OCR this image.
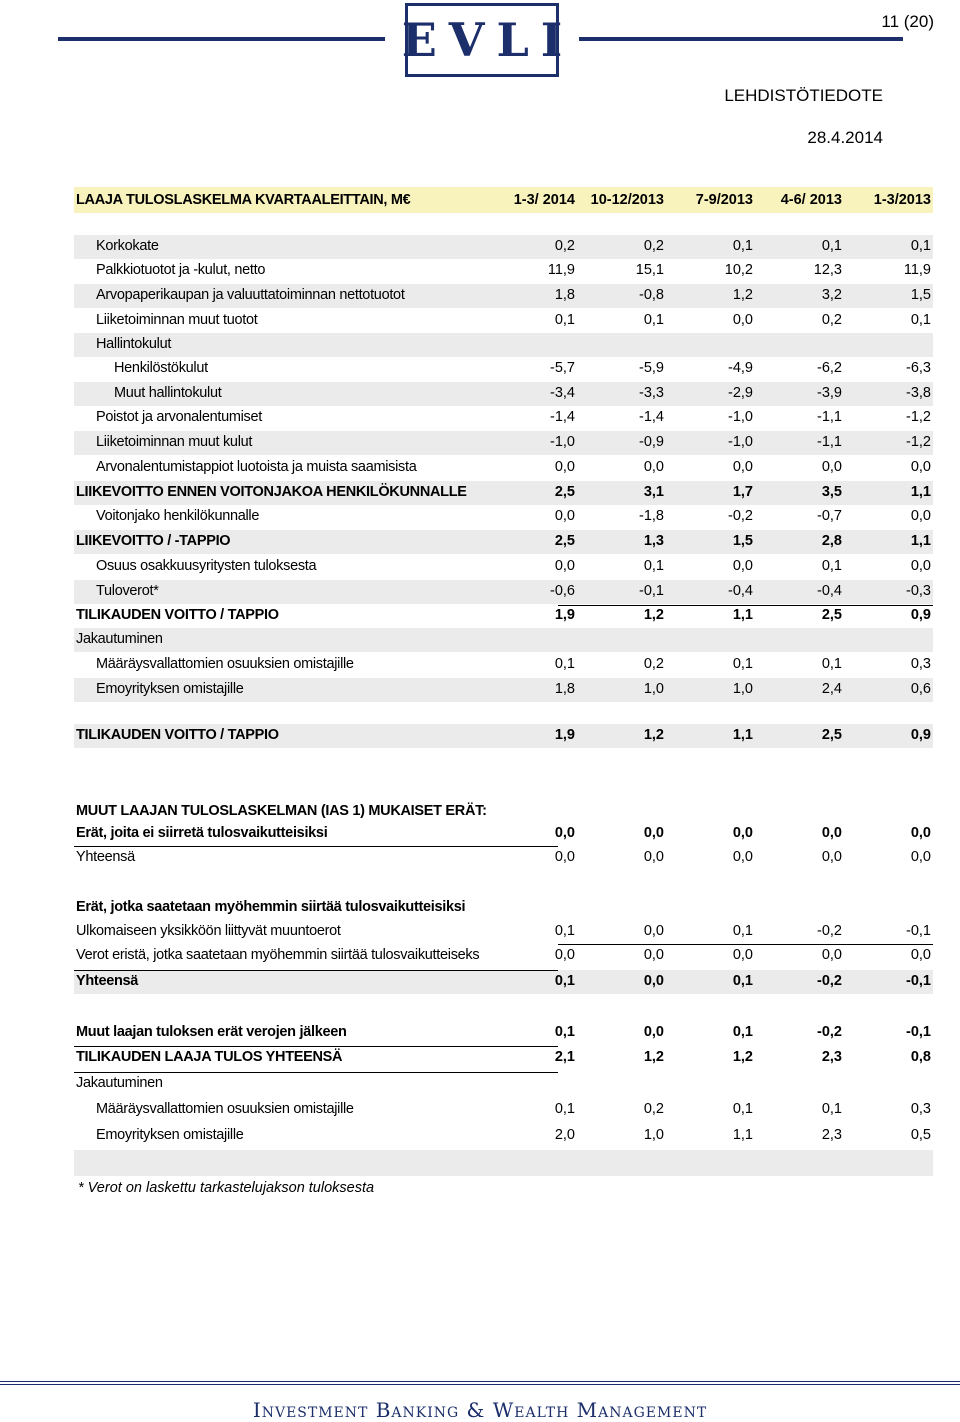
11 (20)
EVLI
LEHDISTÖTIEDOTE
28.4.2014
LAAJA TULOSLASKELMA KVARTAALEITTAIN, M€	1-3/ 2014	10-12/2013	7-9/2013	4-6/ 2013	1-3/2013
Korkokate	0,2	0,2	0,1	0,1	0,1
Palkkiotuotot ja -kulut, netto	11,9	15,1	10,2	12,3	11,9
Arvopaperikaupan ja valuuttatoiminnan nettotuotot	1,8	-0,8	1,2	3,2	1,5
Liiketoiminnan muut tuotot	0,1	0,1	0,0	0,2	0,1
Hallintokulut
Henkilöstökulut	-5,7	-5,9	-4,9	-6,2	-6,3
Muut hallintokulut	-3,4	-3,3	-2,9	-3,9	-3,8
Poistot ja arvonalentumiset	-1,4	-1,4	-1,0	-1,1	-1,2
Liiketoiminnan muut kulut	-1,0	-0,9	-1,0	-1,1	-1,2
Arvonalentumistappiot luotoista ja muista saamisista	0,0	0,0	0,0	0,0	0,0
LIIKEVOITTO ENNEN VOITONJAKOA HENKILÖKUNNALLE	2,5	3,1	1,7	3,5	1,1
Voitonjako henkilökunnalle	0,0	-1,8	-0,2	-0,7	0,0
LIIKEVOITTO / -TAPPIO	2,5	1,3	1,5	2,8	1,1
Osuus osakkuusyritysten tuloksesta	0,0	0,1	0,0	0,1	0,0
Tuloverot*	-0,6	-0,1	-0,4	-0,4	-0,3
TILIKAUDEN VOITTO / TAPPIO	1,9	1,2	1,1	2,5	0,9
Jakautuminen
Määräysvallattomien osuuksien omistajille	0,1	0,2	0,1	0,1	0,3
Emoyrityksen omistajille	1,8	1,0	1,0	2,4	0,6
TILIKAUDEN VOITTO / TAPPIO	1,9	1,2	1,1	2,5	0,9
MUUT LAAJAN TULOSLASKELMAN (IAS 1) MUKAISET ERÄT:
Erät, joita ei siirretä tulosvaikutteisiksi	0,0	0,0	0,0	0,0	0,0
Yhteensä	0,0	0,0	0,0	0,0	0,0
Erät, jotka saatetaan myöhemmin siirtää tulosvaikutteisiksi
Ulkomaiseen yksikköön liittyvät muuntoerot	0,1	0,0	0,1	-0,2	-0,1
Verot eristä, jotka saatetaan myöhemmin siirtää tulosvaikutteiseks	0,0	0,0	0,0	0,0	0,0
Yhteensä	0,1	0,0	0,1	-0,2	-0,1
Muut laajan tuloksen erät verojen jälkeen	0,1	0,0	0,1	-0,2	-0,1
TILIKAUDEN LAAJA TULOS YHTEENSÄ	2,1	1,2	1,2	2,3	0,8
Jakautuminen
Määräysvallattomien osuuksien omistajille	0,1	0,2	0,1	0,1	0,3
Emoyrityksen omistajille	2,0	1,0	1,1	2,3	0,5
* Verot on laskettu tarkastelujakson tuloksesta
Investment Banking & Wealth Management
